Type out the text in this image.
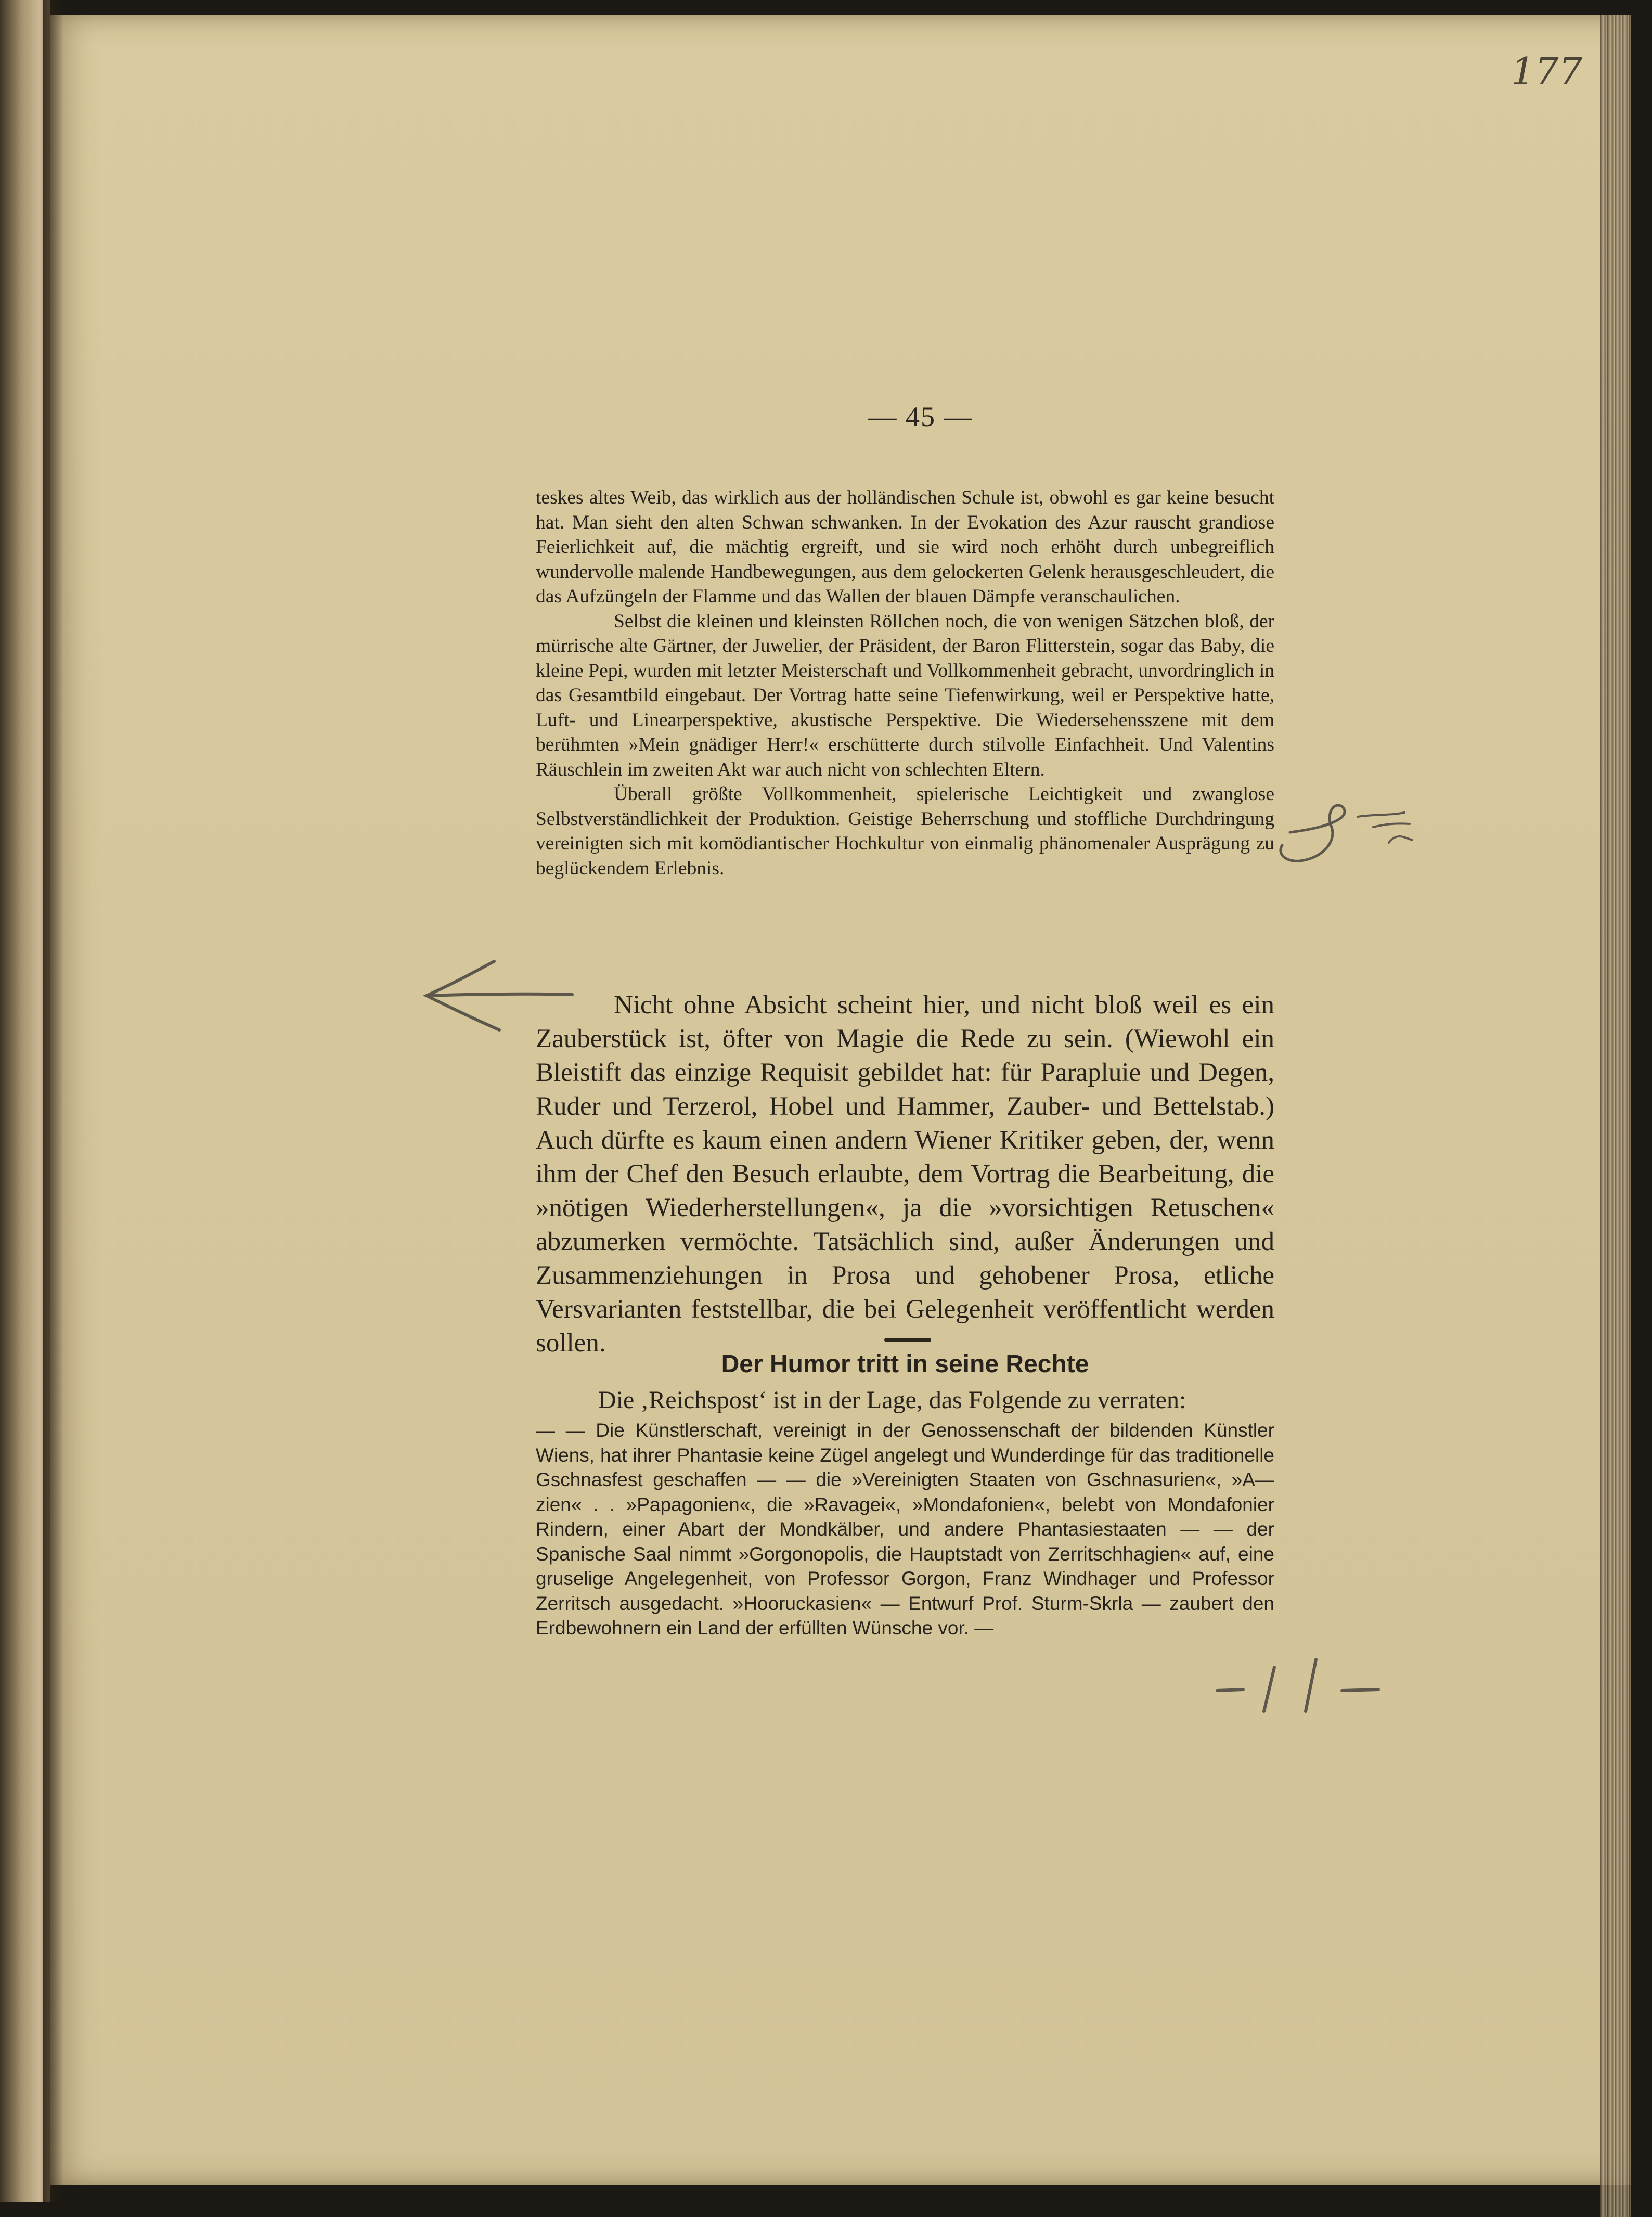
177
— 45 —

teskes altes Weib, das wirklich aus der holländischen Schule ist, obwohl es gar keine besucht hat. Man sieht den alten Schwan schwanken. In der Evokation des Azur rauscht grandiose Feierlichkeit auf, die mächtig ergreift, und sie wird noch erhöht durch unbegreiflich wundervolle malende Handbewegungen, aus dem gelockerten Gelenk herausgeschleudert, die das Aufzüngeln der Flamme und das Wallen der blauen Dämpfe veranschaulichen.

Selbst die kleinen und kleinsten Röllchen noch, die von wenigen Sätzchen bloß, der mürrische alte Gärtner, der Juwelier, der Präsident, der Baron Flitterstein, sogar das Baby, die kleine Pepi, wurden mit letzter Meisterschaft und Vollkommenheit gebracht, unvordringlich in das Gesamtbild eingebaut. Der Vortrag hatte seine Tiefenwirkung, weil er Perspektive hatte, Luft- und Linearperspektive, akustische Perspektive. Die Wiedersehensszene mit dem berühmten »Mein gnädiger Herr!« erschütterte durch stilvolle Einfachheit. Und Valentins Räuschlein im zweiten Akt war auch nicht von schlechten Eltern.

Überall größte Vollkommenheit, spielerische Leichtigkeit und zwanglose Selbstverständlichkeit der Produktion. Geistige Beherrschung und stoffliche Durchdringung vereinigten sich mit komödiantischer Hochkultur von einmalig phänomenaler Ausprägung zu beglückendem Erlebnis.

Nicht ohne Absicht scheint hier, und nicht bloß weil es ein Zauberstück ist, öfter von Magie die Rede zu sein. (Wiewohl ein Bleistift das einzige Requisit gebildet hat: für Parapluie und Degen, Ruder und Terzerol, Hobel und Hammer, Zauber- und Bettelstab.) Auch dürfte es kaum einen andern Wiener Kritiker geben, der, wenn ihm der Chef den Besuch erlaubte, dem Vortrag die Bearbeitung, die »nötigen Wiederherstellungen«, ja die »vorsichtigen Retuschen« abzumerken vermöchte. Tatsächlich sind, außer Änderungen und Zusammenziehungen in Prosa und gehobener Prosa, etliche Versvarianten feststellbar, die bei Gelegenheit veröffentlicht werden sollen.

Der Humor tritt in seine Rechte

Die ‚Reichspost‘ ist in der Lage, das Folgende zu verraten:

— — Die Künstlerschaft, vereinigt in der Genossenschaft der bildenden Künstler Wiens, hat ihrer Phantasie keine Zügel angelegt und Wunderdinge für das traditionelle Gschnasfest geschaffen — — die »Vereinigten Staaten von Gschnasurien«, »A—zien« . . »Papagonien«, die »Ravagei«, »Mondafonien«, belebt von Mondafonier Rindern, einer Abart der Mondkälber, und andere Phantasiestaaten — — der Spanische Saal nimmt »Gorgonopolis, die Hauptstadt von Zerritschhagien« auf, eine gruselige Angelegenheit, von Professor Gorgon, Franz Windhager und Professor Zerritsch ausgedacht. »Hooruckasien« — Entwurf Prof. Sturm-Skrla — zaubert den Erdbewohnern ein Land der erfüllten Wünsche vor. —
